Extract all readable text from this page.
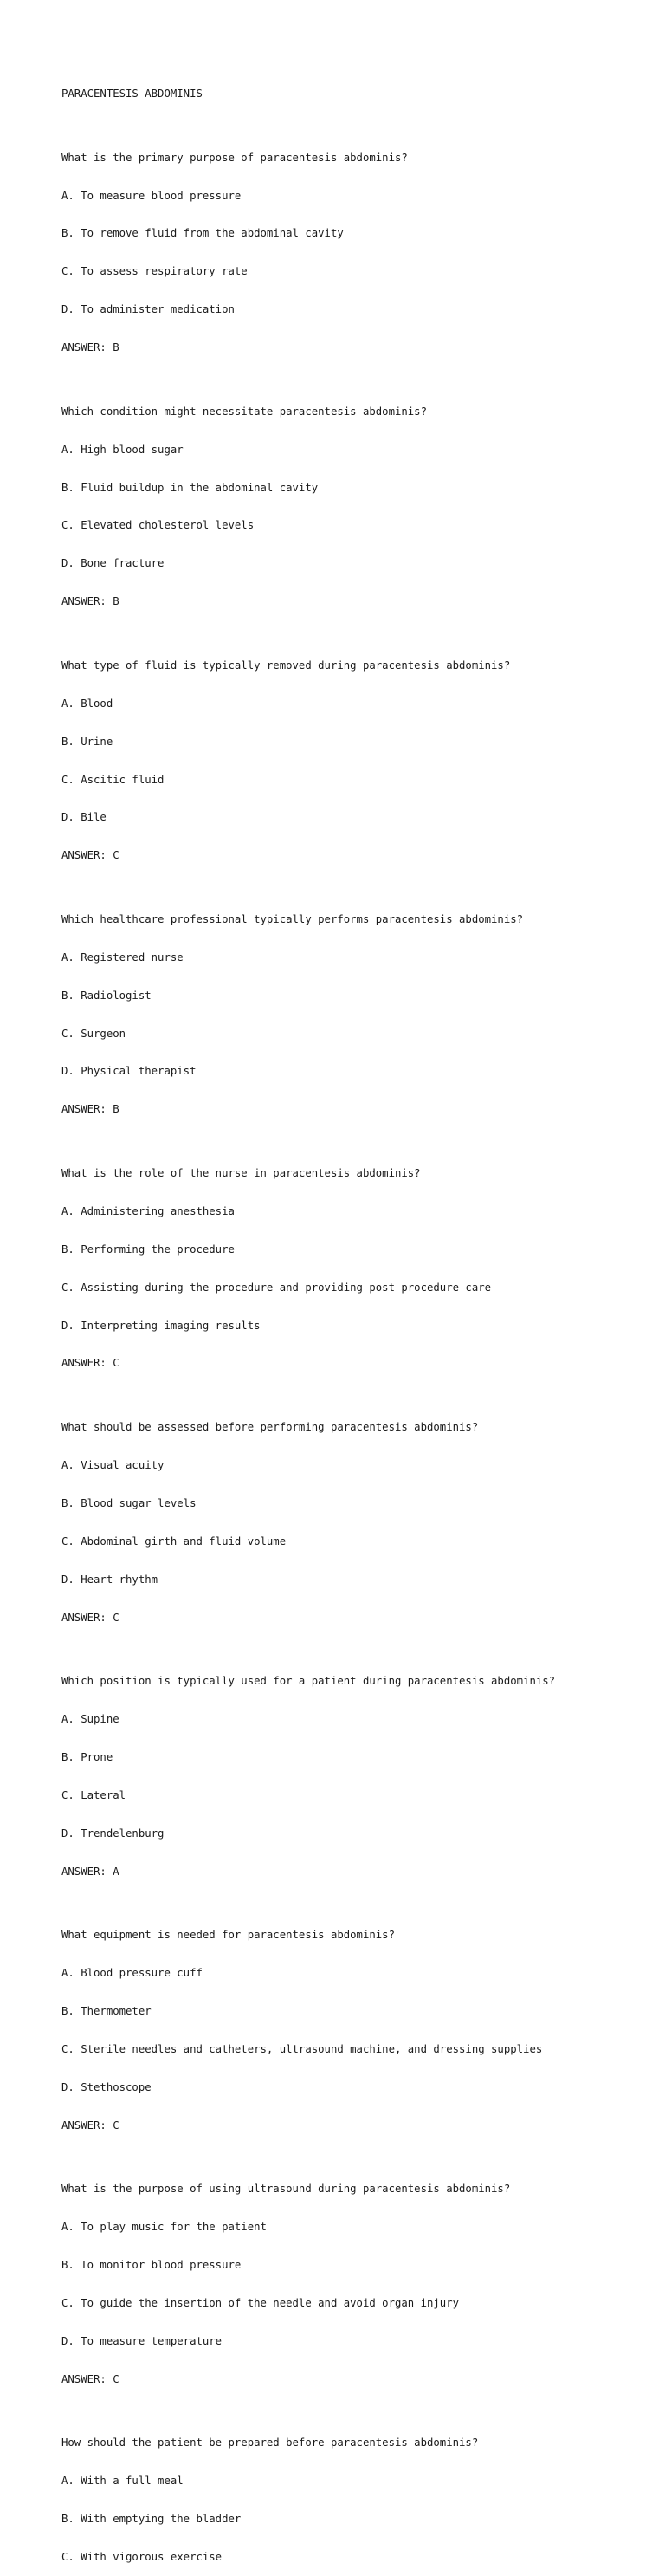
PARACENTESIS ABDOMINIS

What is the primary purpose of paracentesis abdominis?

A. To measure blood pressure

B. To remove fluid from the abdominal cavity

C. To assess respiratory rate

D. To administer medication

ANSWER: B

Which condition might necessitate paracentesis abdominis?

A. High blood sugar

B. Fluid buildup in the abdominal cavity

C. Elevated cholesterol levels

D. Bone fracture

ANSWER: B

What type of fluid is typically removed during paracentesis abdominis?

A. Blood

B. Urine

C. Ascitic fluid

D. Bile

ANSWER: C

Which healthcare professional typically performs paracentesis abdominis?

A. Registered nurse

B. Radiologist

C. Surgeon

D. Physical therapist

ANSWER: B

What is the role of the nurse in paracentesis abdominis?

A. Administering anesthesia

B. Performing the procedure

C. Assisting during the procedure and providing post-procedure care

D. Interpreting imaging results

ANSWER: C

What should be assessed before performing paracentesis abdominis?

A. Visual acuity

B. Blood sugar levels

C. Abdominal girth and fluid volume

D. Heart rhythm

ANSWER: C

Which position is typically used for a patient during paracentesis abdominis?

A. Supine

B. Prone

C. Lateral

D. Trendelenburg

ANSWER: A

What equipment is needed for paracentesis abdominis?

A. Blood pressure cuff

B. Thermometer

C. Sterile needles and catheters, ultrasound machine, and dressing supplies

D. Stethoscope

ANSWER: C

What is the purpose of using ultrasound during paracentesis abdominis?

A. To play music for the patient

B. To monitor blood pressure

C. To guide the insertion of the needle and avoid organ injury

D. To measure temperature

ANSWER: C

How should the patient be prepared before paracentesis abdominis?

A. With a full meal

B. With emptying the bladder

C. With vigorous exercise
